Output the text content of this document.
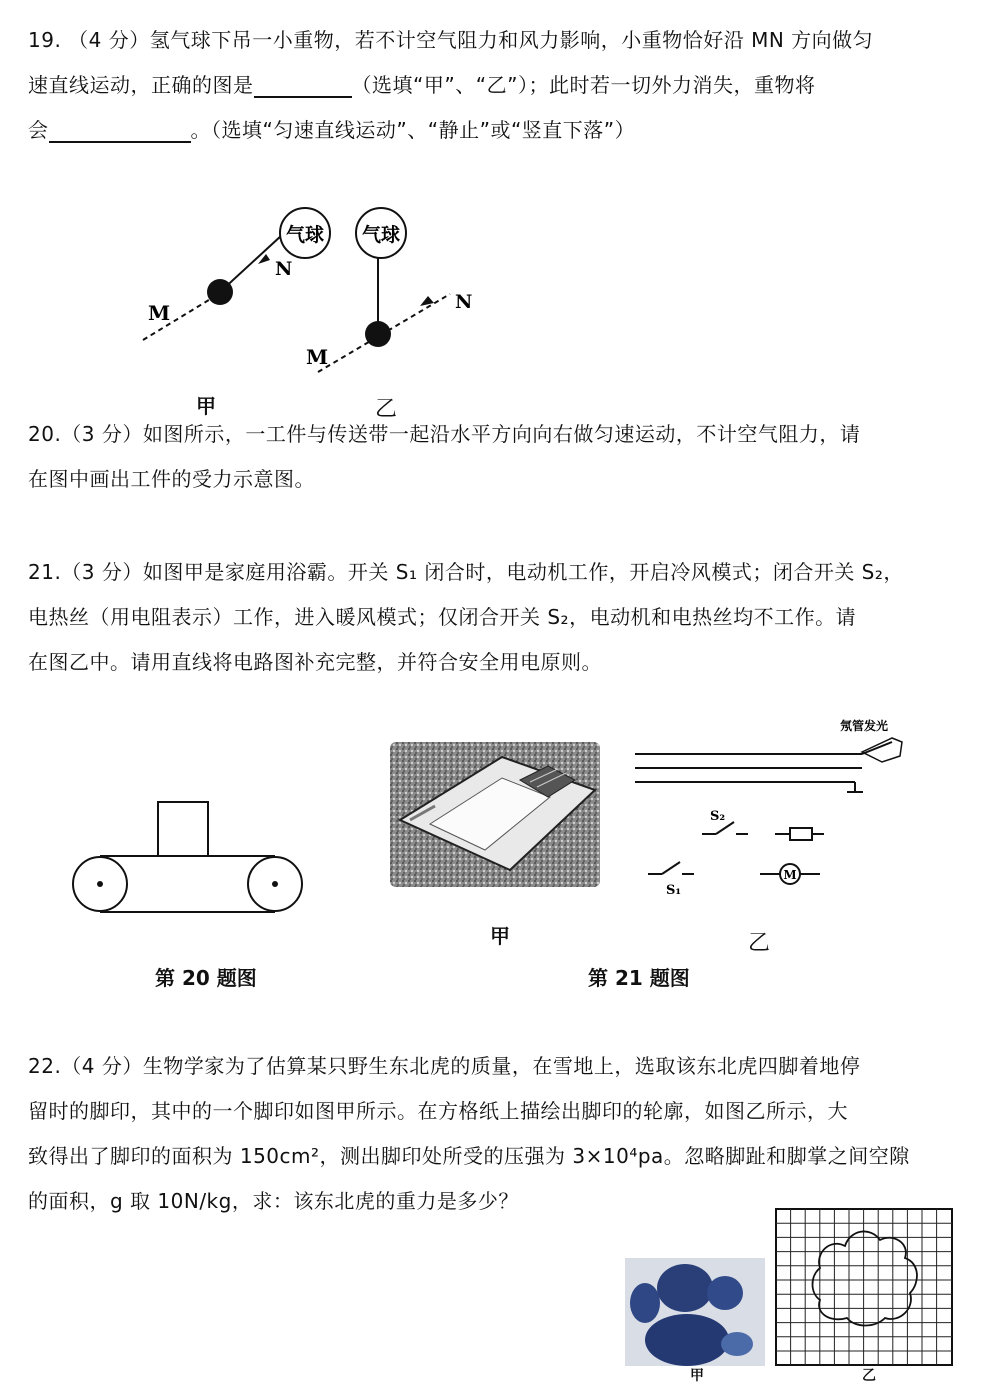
19. （4 分）氢气球下吊一小重物，若不计空气阻力和风力影响，小重物恰好沿 MN 方向做匀
速直线运动，正确的图是	（选填“甲”、“乙”）；此时若一切外力消失，重物将
会	。（选填“匀速直线运动”、“静止”或“竖直下落”）
气球
M
N
气球
M
N
甲	乙
20.（3 分）如图所示，一工件与传送带一起沿水平方向向右做匀速运动，不计空气阻力，请
在图中画出工件的受力示意图。
21.（3 分）如图甲是家庭用浴霸。开关 S₁ 闭合时，电动机工作，开启冷风模式；闭合开关 S₂，
电热丝（用电阻表示）工作，进入暖风模式；仅闭合开关 S₂，电动机和电热丝均不工作。请
在图乙中。请用直线将电路图补充完整，并符合安全用电原则。
第 20 题图
甲
氖管发光
S₂
S₁
M
乙
第 21 题图
22.（4 分）生物学家为了估算某只野生东北虎的质量，在雪地上，选取该东北虎四脚着地停
留时的脚印，其中的一个脚印如图甲所示。在方格纸上描绘出脚印的轮廓，如图乙所示，大
致得出了脚印的面积为 150cm²，测出脚印处所受的压强为 3×10⁴pa。忽略脚趾和脚掌之间空隙
的面积，g 取 10N/kg，求：该东北虎的重力是多少？
甲	乙
